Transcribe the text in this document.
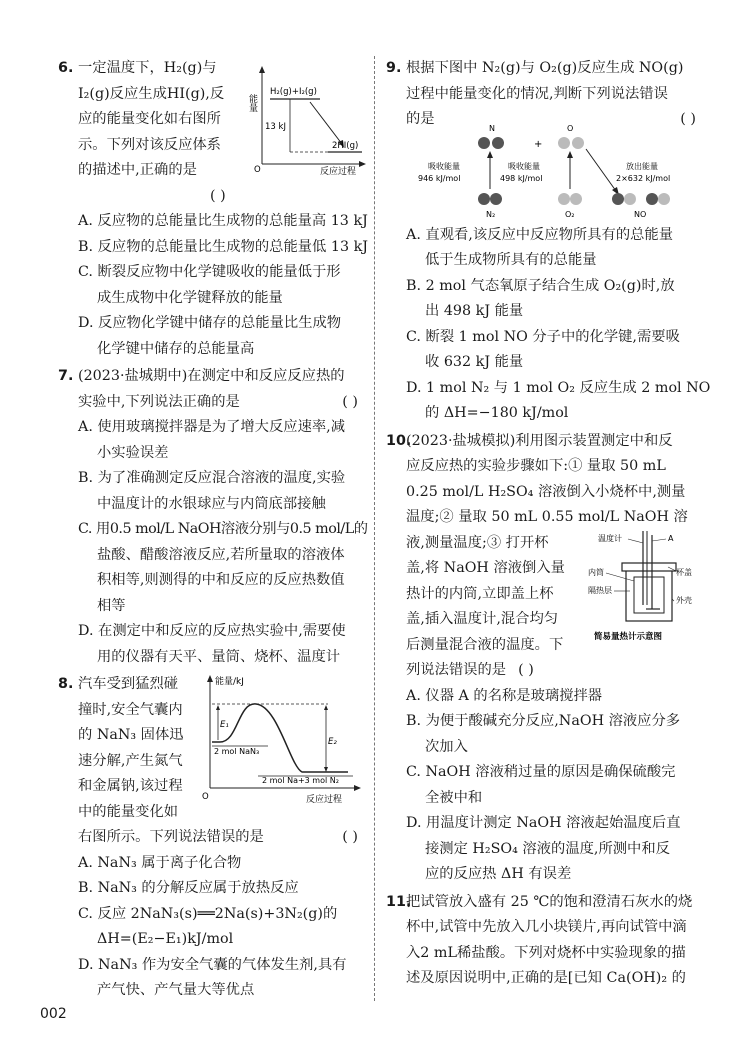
6. 一定温度下，H₂(g)与
I₂(g)反应生成HI(g),反
应的能量变化如右图所
示。下列对该反应体系
的描述中,正确的是
( )
A. 反应物的总能量比生成物的总能量高 13 kJ
B. 反应物的总能量比生成物的总能量低 13 kJ
C. 断裂反应物中化学键吸收的能量低于形
成生成物中化学键释放的能量
D. 反应物化学键中储存的总能量比生成物
化学键中储存的总能量高
能量
H₂(g)+I₂(g)
2HI(g)
13 kJ
O	反应过程
7. (2023·盐城期中)在测定中和反应反应热的
实验中,下列说法正确的是	( )
A. 使用玻璃搅拌器是为了增大反应速率,减
小实验误差
B. 为了准确测定反应混合溶液的温度,实验
中温度计的水银球应与内筒底部接触
C. 用0.5 mol/L NaOH溶液分别与0.5 mol/L的
盐酸、醋酸溶液反应,若所量取的溶液体
积相等,则测得的中和反应的反应热数值
相等
D. 在测定中和反应的反应热实验中,需要使
用的仪器有天平、量筒、烧杯、温度计
8. 汽车受到猛烈碰
撞时,安全气囊内
的 NaN₃ 固体迅
速分解,产生氮气
和金属钠,该过程
中的能量变化如
右图所示。下列说法错误的是	( )
A. NaN₃ 属于离子化合物
B. NaN₃ 的分解反应属于放热反应
C. 反应 2NaN₃(s)══2Na(s)+3N₂(g)的
ΔH=(E₂−E₁)kJ/mol
D. NaN₃ 作为安全气囊的气体发生剂,具有
产气快、产气量大等优点
能量/kJ
E₁
E₂
2 mol NaN₃
2 mol Na+3 mol N₂
O	反应过程
9. 根据下图中 N₂(g)与 O₂(g)反应生成 NO(g)
过程中能量变化的情况,判断下列说法错误
的是	( )
N
+
O
N₂	O₂
吸收能量
946 kJ/mol
吸收能量
498 kJ/mol
放出能量
2×632 kJ/mol
NO
A. 直观看,该反应中反应物所具有的总能量
低于生成物所具有的总能量
B. 2 mol 气态氧原子结合生成 O₂(g)时,放
出 498 kJ 能量
C. 断裂 1 mol NO 分子中的化学键,需要吸
收 632 kJ 能量
D. 1 mol N₂ 与 1 mol O₂ 反应生成 2 mol NO
的 ΔH=−180 kJ/mol
10.(2023·盐城模拟)利用图示装置测定中和反
应反应热的实验步骤如下:① 量取 50 mL
0.25 mol/L H₂SO₄ 溶液倒入小烧杯中,测量
温度;② 量取 50 mL 0.55 mol/L NaOH 溶
液,测量温度;③ 打开杯
盖,将 NaOH 溶液倒入量
热计的内筒,立即盖上杯
盖,插入温度计,混合均匀
后测量混合液的温度。下
列说法错误的是 ( )
A. 仪器 A 的名称是玻璃搅拌器
B. 为便于酸碱充分反应,NaOH 溶液应分多
次加入
C. NaOH 溶液稍过量的原因是确保硫酸完
全被中和
D. 用温度计测定 NaOH 溶液起始温度后直
接测定 H₂SO₄ 溶液的温度,所测中和反
应的反应热 ΔH 有误差
温度计	A
内筒	杯盖
隔热层
外壳
简易量热计示意图
11.把试管放入盛有 25 ℃的饱和澄清石灰水的烧
杯中,试管中先放入几小块镁片,再向试管中滴
入2 mL稀盐酸。下列对烧杯中实验现象的描
述及原因说明中,正确的是[已知 Ca(OH)₂ 的
002
